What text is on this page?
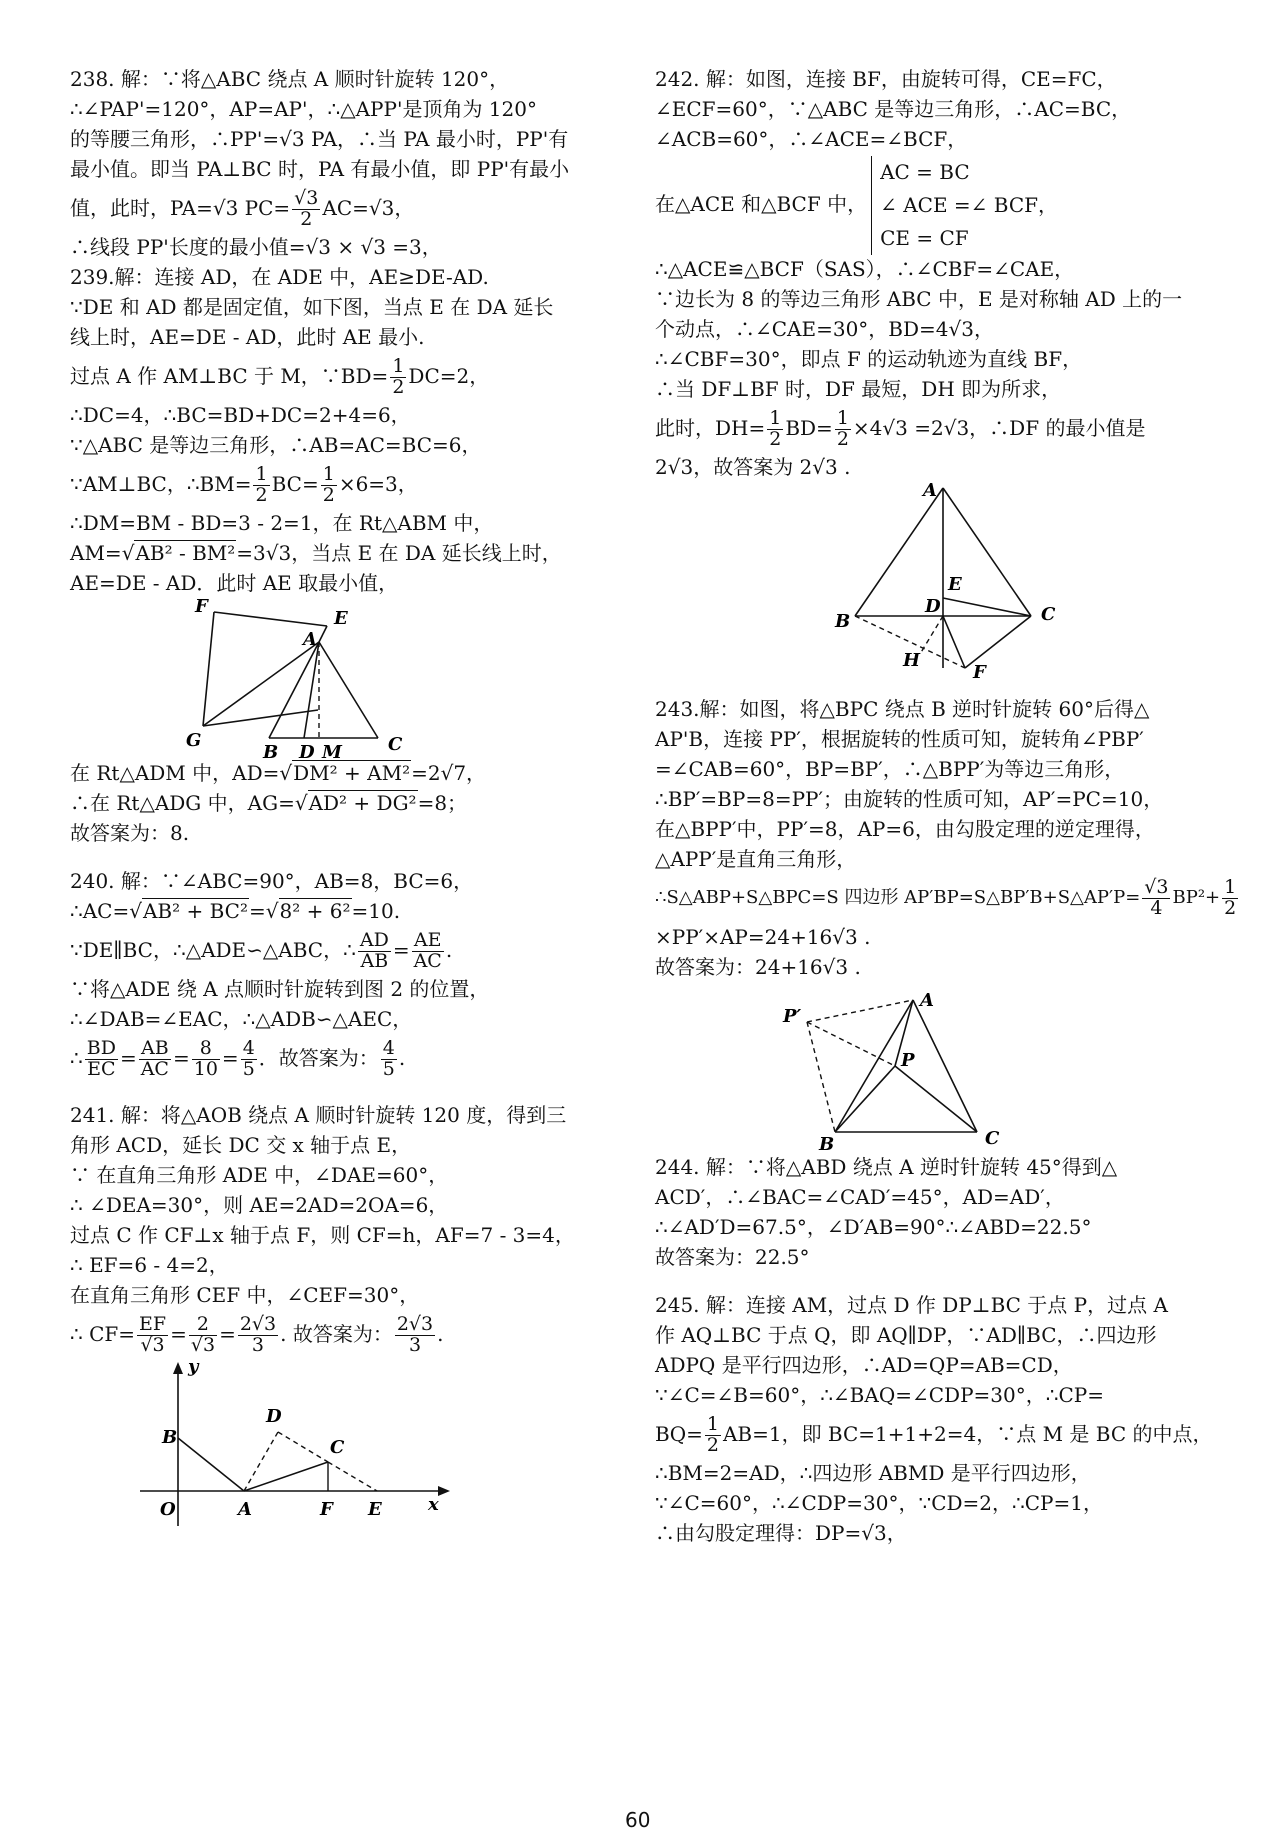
238. 解：∵将△ABC 绕点 A 顺时针旋转 120°，
∴∠PAP'=120°，AP=AP'，∴△APP'是顶角为 120°
的等腰三角形，∴PP'=√3 PA，∴当 PA 最小时，PP'有
最小值。即当 PA⊥BC 时，PA 有最小值，即 PP'有最小
值，此时，PA=√3 $PC= \frac{√3}{2} AC=√3$，
∴线段 PP'长度的最小值=√3 × √3 =3，
239.解：连接 AD，在 ADE 中，AE≥DE-AD.
∵DE 和 AD 都是固定值，如下图，当点 E 在 DA 延长
线上时，AE=DE - AD，此时 AE 最小.
过点 A 作 AM⊥BC 于 M，∵BD= $\frac{1}{2} DC=2$，
∴DC=4，∴BC=BD+DC=2+4=6，
∵△ABC 是等边三角形，∴AB=AC=BC=6，
∵AM⊥BC，∴BM= $\frac{1}{2} BC= \frac{1}{2} \times 6=3$，
∴DM=BM - BD=3 - 2=1，在 Rt△ABM 中，
AM=√AB² - BM²=3√3，当点 E 在 DA 延长线上时，
AE=DE - AD．此时 AE 取最小值，
F
E
A
G
B D M	C
在 Rt△ADM 中，AD=√DM² + AM²=2√7，
∴在 Rt△ADG 中，AG=√AD² + DG²=8；
故答案为：8.
240. 解：∵∠ABC=90°，AB=8，BC=6，
∴AC=√AB² + BC²=√8² + 6²=10.
∵DE∥BC，∴△ADE∽△ABC，∴ $\frac{AD}{AB} = \frac{AE}{AC}$ .
∵将△ADE 绕 A 点顺时针旋转到图 2 的位置，
∴∠DAB=∠EAC，∴△ADB∽△AEC，
∴ $\frac{BD}{EC} = \frac{AB}{AC} = \frac{8}{10} = \frac{4}{5}$ ．故答案为： $\frac{4}{5}$ .
241. 解：将△AOB 绕点 A 顺时针旋转 120 度，得到三
角形 ACD，延长 DC 交 x 轴于点 E，
∵ 在直角三角形 ADE 中，∠DAE=60°，
∴ ∠DEA=30°，则 AE=2AD=2OA=6，
过点 C 作 CF⊥x 轴于点 F，则 CF=h，AF=7 - 3=4，
∴ EF=6 - 4=2，
在直角三角形 CEF 中，∠CEF=30°，
∴ $CF= \frac{EF}{√3} = \frac{2}{√3} = \frac{2√3}{3}$ . 故答案为： $\frac{2√3}{3}$ .
y
x
O	A
B
D
C
F E
242. 解：如图，连接 BF，由旋转可得，CE=FC，
∠ECF=60°，∵△ABC 是等边三角形，∴AC=BC，
∠ACB=60°，∴∠ACE=∠BCF，
在△ACE 和△BCF 中，
AC = BC
∠ ACE =∠ BCF，
CE = CF
∴△ACE≌△BCF（SAS），∴∠CBF=∠CAE，
∵边长为 8 的等边三角形 ABC 中，E 是对称轴 AD 上的一
个动点，∴∠CAE=30°，BD=4√3，
∴∠CBF=30°，即点 F 的运动轨迹为直线 BF，
∴当 DF⊥BF 时，DF 最短，DH 即为所求，
此时，$DH= \frac{1}{2} BD= \frac{1}{2} \times 4√3 =2√3$，∴DF 的最小值是
2√3，故答案为 2√3 .
A
E
D
B	C
H
F
243.解：如图，将△BPC 绕点 B 逆时针旋转 60°后得△
AP'B，连接 PP′，根据旋转的性质可知，旋转角∠PBP′
=∠CAB=60°，BP=BP′，∴△BPP′为等边三角形，
∴BP′=BP=8=PP′；由旋转的性质可知，AP′=PC=10，
在△BPP′中，PP′=8，AP=6，由勾股定理的逆定理得，
△APP′是直角三角形，
∴S△ABP+S△BPC=S 四边形 AP′BP=S△BP′B+S△AP′P= $\frac{√3}{4} BP^2+ \frac{1}{2}$
×PP′×AP=24+16√3 .
故答案为：24+16√3 .
A
P
P′
B	C
244. 解：∵将△ABD 绕点 A 逆时针旋转 45°得到△
ACD′，∴∠BAC=∠CAD′=45°，AD=AD′，
∴∠AD′D=67.5°，∠D′AB=90°∴∠ABD=22.5°
故答案为：22.5°
245. 解：连接 AM，过点 D 作 DP⊥BC 于点 P，过点 A
作 AQ⊥BC 于点 Q，即 AQ∥DP，∵AD∥BC，∴四边形
ADPQ 是平行四边形，∴AD=QP=AB=CD，
∵∠C=∠B=60°，∴∠BAQ=∠CDP=30°，∴CP=
$BQ= \frac{1}{2} AB=1$，即 BC=1+1+2=4，∵点 M 是 BC 的中点，
∴BM=2=AD，∴四边形 ABMD 是平行四边形，
∵∠C=60°，∴∠CDP=30°，∵CD=2，∴CP=1，
∴由勾股定理得：DP=√3，
60
